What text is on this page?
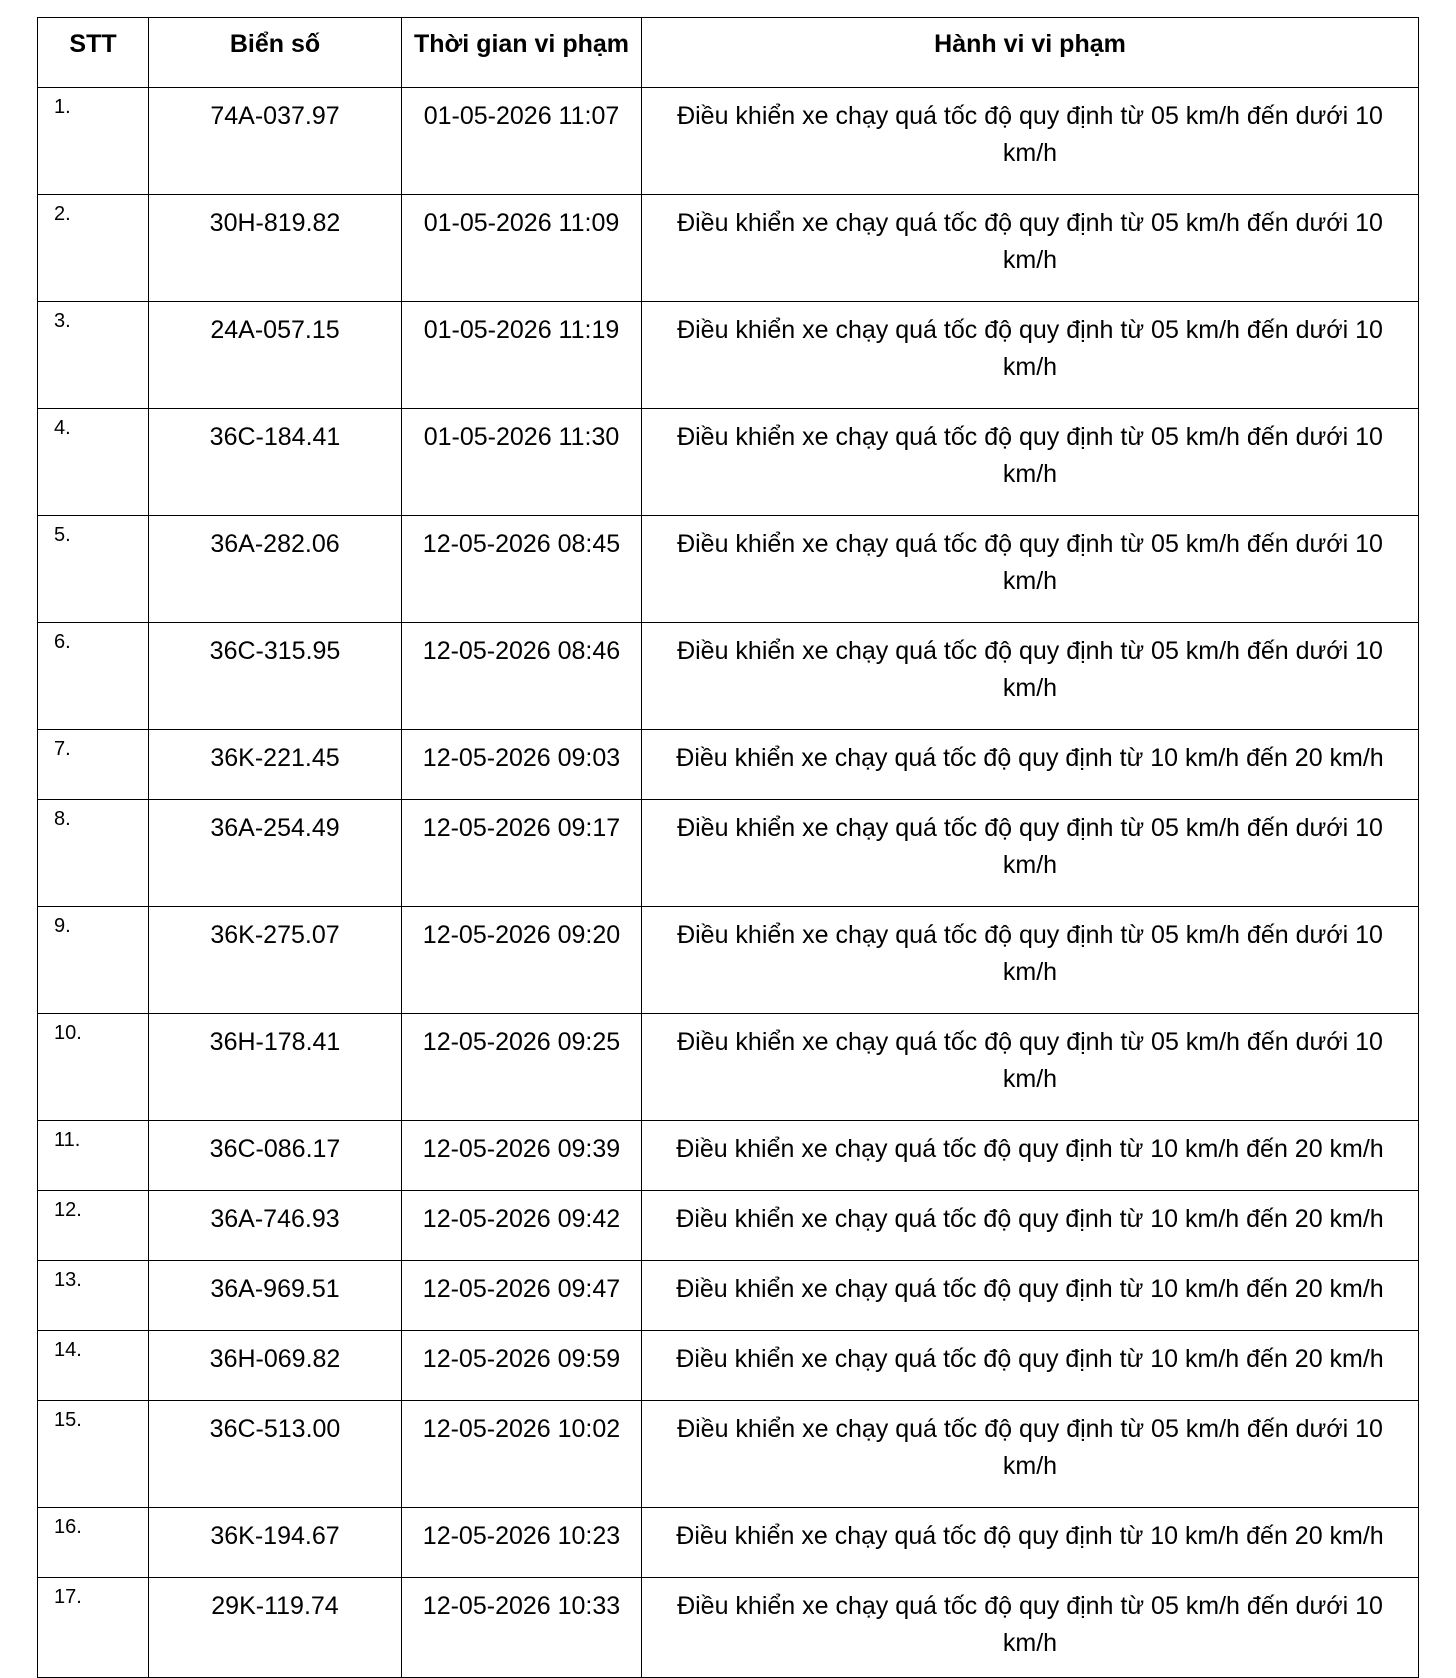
STT	Biển số	Thời gian vi phạm	Hành vi vi phạm
1.	74A-037.97	01-05-2026 11:07	Điều khiển xe chạy quá tốc độ quy định từ 05 km/h đến dưới 10 km/h
2.	30H-819.82	01-05-2026 11:09	Điều khiển xe chạy quá tốc độ quy định từ 05 km/h đến dưới 10 km/h
3.	24A-057.15	01-05-2026 11:19	Điều khiển xe chạy quá tốc độ quy định từ 05 km/h đến dưới 10 km/h
4.	36C-184.41	01-05-2026 11:30	Điều khiển xe chạy quá tốc độ quy định từ 05 km/h đến dưới 10 km/h
5.	36A-282.06	12-05-2026 08:45	Điều khiển xe chạy quá tốc độ quy định từ 05 km/h đến dưới 10 km/h
6.	36C-315.95	12-05-2026 08:46	Điều khiển xe chạy quá tốc độ quy định từ 05 km/h đến dưới 10 km/h
7.	36K-221.45	12-05-2026 09:03	Điều khiển xe chạy quá tốc độ quy định từ 10 km/h đến 20 km/h
8.	36A-254.49	12-05-2026 09:17	Điều khiển xe chạy quá tốc độ quy định từ 05 km/h đến dưới 10 km/h
9.	36K-275.07	12-05-2026 09:20	Điều khiển xe chạy quá tốc độ quy định từ 05 km/h đến dưới 10 km/h
10.	36H-178.41	12-05-2026 09:25	Điều khiển xe chạy quá tốc độ quy định từ 05 km/h đến dưới 10 km/h
11.	36C-086.17	12-05-2026 09:39	Điều khiển xe chạy quá tốc độ quy định từ 10 km/h đến 20 km/h
12.	36A-746.93	12-05-2026 09:42	Điều khiển xe chạy quá tốc độ quy định từ 10 km/h đến 20 km/h
13.	36A-969.51	12-05-2026 09:47	Điều khiển xe chạy quá tốc độ quy định từ 10 km/h đến 20 km/h
14.	36H-069.82	12-05-2026 09:59	Điều khiển xe chạy quá tốc độ quy định từ 10 km/h đến 20 km/h
15.	36C-513.00	12-05-2026 10:02	Điều khiển xe chạy quá tốc độ quy định từ 05 km/h đến dưới 10 km/h
16.	36K-194.67	12-05-2026 10:23	Điều khiển xe chạy quá tốc độ quy định từ 10 km/h đến 20 km/h
17.	29K-119.74	12-05-2026 10:33	Điều khiển xe chạy quá tốc độ quy định từ 05 km/h đến dưới 10 km/h
